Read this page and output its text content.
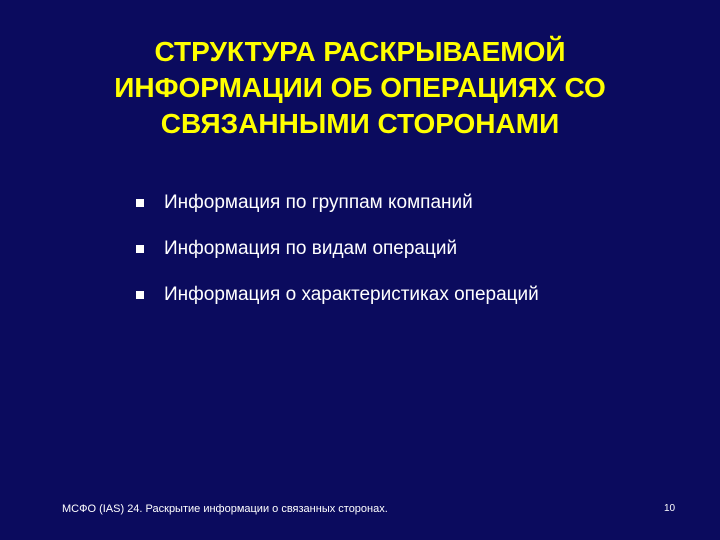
СТРУКТУРА РАСКРЫВАЕМОЙ
ИНФОРМАЦИИ ОБ ОПЕРАЦИЯХ СО
СВЯЗАННЫМИ СТОРОНАМИ
Информация по группам компаний
Информация по видам операций
Информация о характеристиках операций
МСФО (IAS) 24. Раскрытие информации о связанных сторонах.	10
